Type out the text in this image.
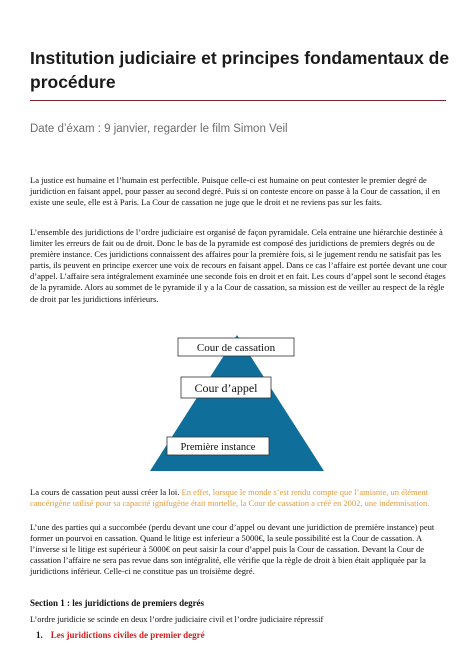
Institution judiciaire et principes fondamentaux de procédure
Date d’éxam : 9 janvier, regarder le film Simon Veil

La justice est humaine et l’humain est perfectible. Puisque celle-ci est humaine on peut contester le premier degré de juridiction en faisant appel, pour passer au second degré. Puis si on conteste encore on passe à la Cour de cassation, il en existe une seule, elle est à Paris. La Cour de cassation ne juge que le droit et ne reviens pas sur les faits.

L’ensemble des juridictions de l’ordre judiciaire est organisé de façon pyramidale. Cela entraine une hiérarchie destinée à limiter les erreurs de fait ou de droit. Donc le bas de la pyramide est composé des juridictions de premiers degrés ou de première instance. Ces juridictions connaissent des affaires pour la première fois, si le jugement rendu ne satisfait pas les partis, ils peuvent en principe exercer une voix de recours en faisant appel. Dans ce cas l’affaire est portée devant une cour d’appel. L’affaire sera intégralement examinée une seconde fois en droit et en fait. Les cours d’appel sont le second étages de la pyramide. Alors au sommet de le pyramide il y a la Cour de cassation, sa mission est de veiller au respect de la règle de droit par les juridictions inférieurs.

Cour de cassation
Cour d’appel
Première instance

La cours de cassation peut aussi créer la loi. En effet, lorsque le monde s’est rendu compte que l’amiante, un élément cancérigène utilisé pour sa capacité ignifugène était mortelle, la Cour de cassation a créé en 2002, une indemnisation.

L’une des parties qui a succombée (perdu devant une cour d’appel ou devant une juridiction de première instance) peut former un pourvoi en cassation. Quand le litige est inferieur a 5000€, la seule possibilité est la Cour de cassation. A l’inverse si le litige est supérieur à 5000€ on peut saisir la cour d’appel puis la Cour de cassation. Devant la Cour de cassation l’affaire ne sera pas revue dans son intégralité, elle vérifie que la règle de droit à bien était appliquée par la juridictions inférieur. Celle-ci ne constitue pas un troisième degré.

Section 1 : les juridictions de premiers degrés

L’ordre juridicie se scinde en deux l’ordre judiciaire civil et l’ordre judiciaire répressif

1. Les juridictions civiles de premier degré
